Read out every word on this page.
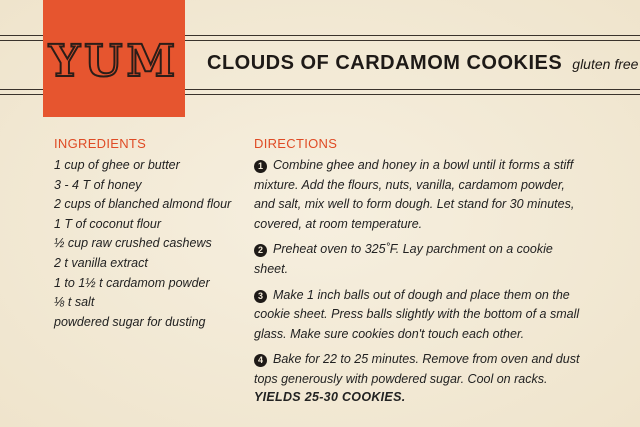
YUM CLOUDS OF CARDAMOM COOKIES gluten free
INGREDIENTS
1 cup of ghee or butter
3 - 4 T of honey
2 cups of blanched almond flour
1 T of coconut flour
½ cup raw crushed cashews
2 t vanilla extract
1 to 1½ t cardamom powder
⅛ t salt
powdered sugar for dusting
DIRECTIONS

1 Combine ghee and honey in a bowl until it forms a stiff mixture. Add the flours, nuts, vanilla, cardamom powder, and salt, mix well to form dough. Let stand for 30 minutes, covered, at room temperature.

2 Preheat oven to 325˚F. Lay parchment on a cookie sheet.

3 Make 1 inch balls out of dough and place them on the cookie sheet. Press balls slightly with the bottom of a small glass. Make sure cookies don't touch each other.

4 Bake for 22 to 25 minutes. Remove from oven and dust tops generously with powdered sugar. Cool on racks.

YIELDS 25-30 COOKIES.
